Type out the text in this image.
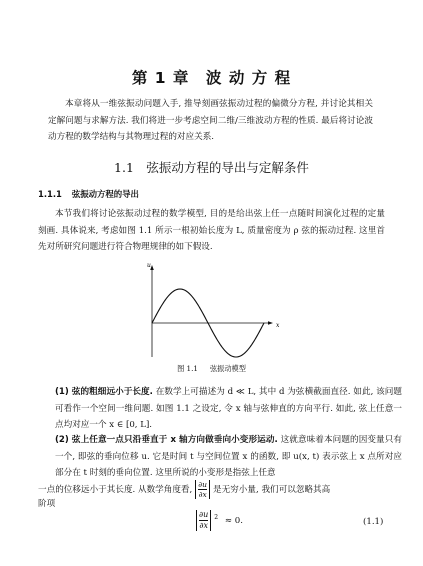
第 1 章　波 动 方 程
本章将从一维弦振动问题入手, 推导刻画弦振动过程的偏微分方程, 并讨论其相关定解问题与求解方法. 我们将进一步考虑空间二维/三维波动方程的性质. 最后将讨论波动方程的数学结构与其物理过程的对应关系.
1.1　弦振动方程的导出与定解条件
1.1.1 弦振动方程的导出
本节我们将讨论弦振动过程的数学模型, 目的是给出弦上任一点随时间演化过程的定量刻画. 具体说来, 考虑如图 1.1 所示一根初始长度为 L, 质量密度为 ρ 弦的振动过程. 这里首先对所研究问题进行符合物理规律的如下假设.
u
x
图 1.1 弦振动模型
(1) 弦的粗细远小于长度. 在数学上可描述为 d ≪ L, 其中 d 为弦横截面直径. 如此, 该问题可看作一个空间一维问题. 如图 1.1 之设定, 令 x 轴与弦伸直的方向平行. 如此, 弦上任意一点均对应一个 x ∈ [0, L].
(2) 弦上任意一点只沿垂直于 x 轴方向做垂向小变形运动. 这就意味着本问题的因变量只有一个, 即弦的垂向位移 u. 它是时间 t 与空间位置 x 的函数, 即 u(x, t) 表示弦上 x 点所对应部分在 t 时刻的垂向位置. 这里所说的小变形是指弦上任意
一点的位移远小于其长度. 从数学角度看, $\frac{\partial u}{\partial x}$ 是无穷小量, 我们可以忽略其高
阶项
$\frac{\partial u}{\partial x} ^2 \approx 0$.	(1.1)
